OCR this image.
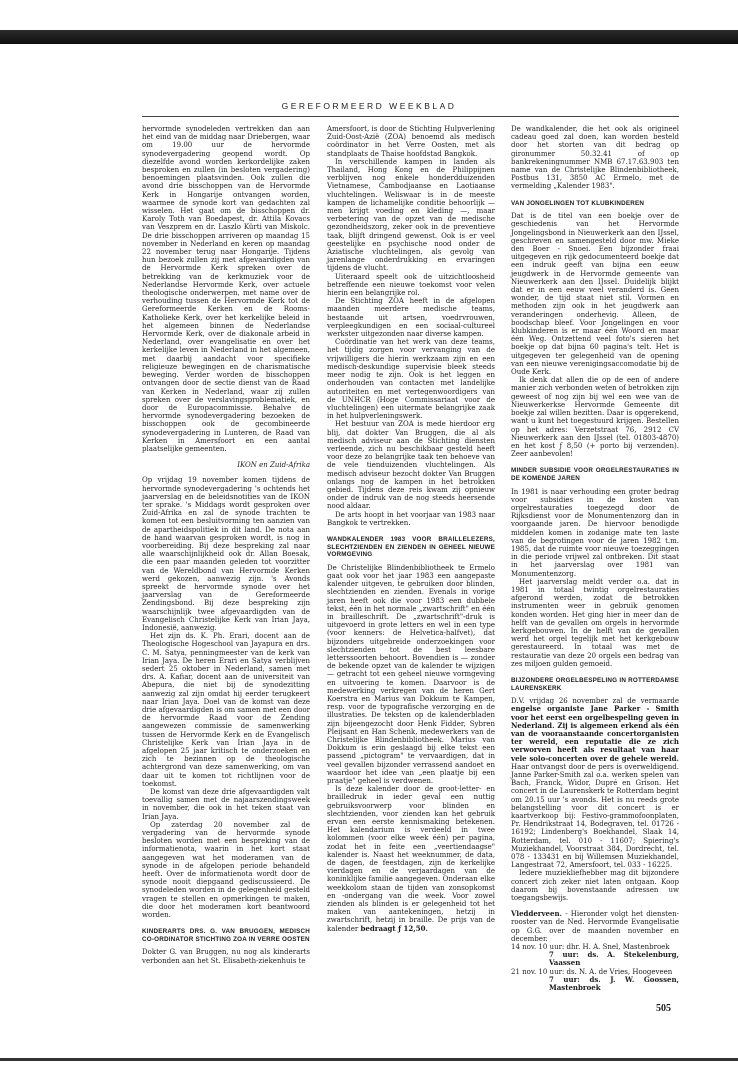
GEREFORMEERD WEEKBLAD

hervormde synodeleden vertrekken dan aan het eind van de middag naar Driebergen, waar om 19.00 uur de hervormde synodevergadering geopend wordt. Op diezelfde avond worden kerkordelijke zaken besproken en zullen (in besloten vergadering) benoemingen plaatsvinden. Ook zullen die avond drie bisschoppen van de Hervormde Kerk in Hongarije ontvangen worden, waarmee de synode kort van gedachten zal wisselen. Het gaat om de bisschoppen dr. Karoly Toth van Boedapest, dr. Attila Kovacs van Veszprem en dr. Laszlo Kürti van Miskolc. De drie bisschoppen arriveren op maandag 15 november in Nederland en keren op maandag 22 november terug naar Hongarije. Tijdens hun bezoek zullen zij met afgevaardigden van de Hervormde Kerk spreken over de betrekking van de kerkmuziek voor de Nederlandse Hervormde Kerk, over actuele theologische onderwerpen, met name over de verhouding tussen de Hervormde Kerk tot de Gereformeerde Kerken en de Rooms-Katholieke Kerk, over het kerkelijke beleid in het algemeen binnen de Nederlandse Hervormde Kerk, over de diakonale arbeid in Nederland, over evangelisatie en over het kerkelijke leven in Nederland in het algemeen, met daarbij aandacht voor specifieke religieuze bewegingen en de charismatische beweging. Verder worden de bisschoppen ontvangen door de sectie dienst van de Raad van Kerken in Nederland, waar zij zullen spreken over de verslavingsproblematiek, en door de Europacommissie. Behalve de hervormde synodevergadering bezoeken de bisschoppen ook de gecombineerde synodevergadering in Lunteren, de Raad van Kerken in Amersfoort en een aantal plaatselijke gemeenten.

IKON en Zuid-Afrika

Op vrijdag 19 november komen tijdens de hervormde synodevergadering 's ochtends het jaarverslag en de beleidsnotities van de IKON ter sprake. 's Middags wordt gesproken over Zuid-Afrika en zal de synode trachten te komen tot een besluitvorming ten aanzien van de apartheidspolitiek in dit land. De nota aan de hand waarvan gesproken wordt, is nog in voorbereiding. Bij deze bespreking zal naar alle waarschijnlijkheid ook dr. Allan Boesak, die een paar maanden geleden tot voorzitter van de Wereldbond van Hervormde Kerken werd gekozen, aanwezig zijn. 's Avonds spreekt de hervormde synode over het jaarverslag van de Gereformeerde Zendingsbond. Bij deze bespreking zijn waarschijnlijk twee afgevaardigden van de Evangelisch Christelijke Kerk van Irian Jaya, Indonesië, aanwezig.

Het zijn ds. K. Ph. Erari, docent aan de Theologische Hogeschool van Jayapura en drs. C. M. Satya, penningmeester van de kerk van Irian Jaya. De heren Erari en Satya verblijven sedert 25 oktober in Nederland, samen met drs. A. Kafiar, docent aan de universiteit van Abepura, die niet bij de synodezitting aanwezig zal zijn omdat hij eerder terugkeert naar Irian Jaya. Doel van de komst van deze drie afgevaardigden is om samen met een door de hervormde Raad voor de Zending aangewezen commissie de samenwerking tussen de Hervormde Kerk en de Evangelisch Christelijke Kerk van Irian Jaya in de afgelopen 25 jaar kritisch te onderzoeken en zich te bezinnen op de theologische achtergrond van deze samenwerking, om van daar uit te komen tot richtlijnen voor de toekomst.

De komst van deze drie afgevaardigden valt toevallig samen met de najaarszendingsweek in november, die ook in het teken staat van Irian Jaya.

Op zaterdag 20 november zal de vergadering van de hervormde synode besloten worden met een bespreking van de informatienota, waarin in het kort staat aangegeven wat het moderamen van de synode in de afgelopen periode behandeld heeft. Over de informatienota wordt door de synode nooit diepgaand gediscussieerd. De synodeleden worden in de gelegenheid gesteld vragen te stellen en opmerkingen te maken, die door het moderamen kort beantwoord worden.

KINDERARTS DRS. G. VAN BRUGGEN, MEDISCH CO-ORDINATOR STICHTING ZOA IN VERRE OOSTEN

Dokter G. van Bruggen, nu nog als kinderarts verbonden aan het St. Elisabeth-ziekenhuis te

Amersfoort, is door de Stichting Hulpverlening Zuid-Oost-Azië (ZOA) benoemd als medisch coördinator in het Verre Oosten, met als standplaats de Thaise hoofdstad Bangkok.

In verschillende kampen in landen als Thailand, Hong Kong en de Philippijnen verblijven nog enkele honderdduizenden Vietnamese, Cambodjaanse en Laotiaanse vluchtelingen. Weliswaar is in de meeste kampen de lichamelijke conditie behoorlijk — men krijgt voeding en kleding —, maar verbetering van de opzet van de medische gezondheidszorg, zeker ook in de preventieve taak, blijft dringend gewenst. Ook is er veel geestelijke en psychische nood onder de Aziatische vluchtelingen, als gevolg van jarenlange onderdrukking en ervaringen tijdens de vlucht.

Uiteraard speelt ook de uitzichtloosheid betreffende een nieuwe toekomst voor velen hierin een belangrijke rol.

De Stichting ZOA heeft in de afgelopen maanden meerdere medische teams, bestaande uit artsen, voedrvrouwen, verpleegkundigen en een sociaal-cultureel werkster uitgezonden naar diverse kampen.

Coördinatie van het werk van deze teams, het tijdig zorgen voor vervanging van de vrijwilligers die hierin werkzaam zijn en een medisch-deskundige supervisie bleek steeds meer nodig te zijn. Ook is het leggen en onderhouden van contacten met landelijke autoriteiten en met vertegenwoordigers van de UNHCR (Hoge Commissariaat voor de vluchtelingen) een uitermate belangrijke zaak in het hulpverleningswerk.

Het bestuur van ZOA is mede hierdoor erg blij, dat dokter Van Bruggen, die al als medisch adviseur aan de Stichting diensten verleende, zich nu beschikbaar gesteld heeft voor deze zo belangrijke taak ten behoeve van de vele tienduizenden vluchtelingen. Als medisch adviseur bezocht dokter Van Bruggen onlangs nog de kampen in het betrokken gebied. Tijdens deze reis kwam zij opnieuw onder de indruk van de nog steeds heersende nood aldaar.

De arts hoopt in het voorjaar van 1983 naar Bangkok te vertrekken.

WANDKALENDER 1983 VOOR BRAILLELEZERS, SLECHTZIENDEN EN ZIENDEN IN GEHEEL NIEUWE VORMGEVING

De Christelijke Blindenbibliotheek te Ermelo gaat ook voor het jaar 1983 een aangepaste kalender uitgeven, te gebruiken door blinden, slechtzienden en zienden. Evenals in vorige jaren heeft ook die voor 1983 een dubbele tekst, één in het normale „zwartschrift" en één in brailleschrift. De „zwartschrift"-druk is uitgevoerd in grote letters en wel in een type (voor kenners: de Helvetica-halfvet), dat bijzonders uitgebreide onderzoekingen voor slechtzienden tot de best leesbare letterssoorten behoort. Bovendien is — zonder de bekende opzet van de kalender te wijzigen — getracht tot een geheel nieuwe vormgeving en uitvoering te komen. Daarvoor is de medewerking verkregen van de heren Gert Koerstra en Marius van Dokkum te Kampen, resp. voor de typografische verzorging en de illustraties. De teksten op de kalenderbladen zijn bijeengezocht door Henk Fidder, Sybren Pleijsant en Han Schenk, medewerkers van de Christelijke Blindenbibliotheek. Marius van Dokkum is erin geslaagd bij elke tekst een passend „pictogram" te vervaardigen, dat in veel gevallen bijzonder verrassend aandoet en waardoor het idee van „een plaatje bij een praatje" geheel is verdwenen.

Is deze kalender door de groot-letter- en brailledruk in ieder geval een nuttig gebruiksvoorwerp voor blinden en slechtzienden, voor zienden kan het gebruik ervan een eerste kennismaking betekenen. Het kalendarium is verdeeld in twee kolommen (voor elke week één) per pagina, zodat het in feite een „veertiendaagse" kalender is. Naast het weeknummer, de data, de dagen, de feestdagen, zijn de kerkelijke vierdagen en de verjaardagen van de koninklijke familie aangegeven. Onderaan elke weekkolom staan de tijden van zonsopkomst en -ondergang van die week. Voor zowel zienden als blinden is er gelegenheid tot het maken van aantekeningen, hetzij in zwartschrift, hetzij in braille. De prijs van de kalender bedraagt ƒ 12,50.

De wandkalender, die het ook als origineel cadeau goed zal doen, kan worden besteld door het storten van dit bedrag op gironummer 50.32.41 of op bankrekeningnummer NMB 67.17.63.903 ten name van de Christelijke Blindenbibliotheek, Postbus 131, 3850 AC Ermelo, met de vermelding „Kalender 1983".

VAN JONGELINGEN TOT KLUBKINDEREN

Dat is de titel van een boekje over de geschiedenis van het Hervormde Jongelingsbond in Nieuwerkerk aan den IJssel, geschreven en samengesteld door mw. Mieke den Boer - Snoei. Een bijzonder fraai uitgegeven en rijk gedocumenteerd boekje dat een indruk geeft van bijna een eeuw jeugdwerk in de Hervormde gemeente van Nieuwerkerk aan den IJssel. Duidelijk blijkt dat er in een eeuw veel veranderd is. Geen wonder, de tijd staat niet stil. Vormen en methoden zijn ook in het jeugdwerk aan veranderingen onderhevig. Alleen, de boodschap bleef. Voor Jongelingen en voor klubkinderen is er maar één Woord en maar één Weg. Ontzettend veel foto's sieren het boekje op dat bijna 60 pagina's telt. Het is uitgegeven ter gelegenheid van de opening van een nieuwe verenigingsaccomodatie bij de Oude Kerk.

Ik denk dat allen die op de een of andere manier zich verbonden weten of betrokken zijn geweest of nog zijn bij wel een wee van de Nieuwerkerkse Hervormde Gemeente dit boekje zal willen bezitten. Daar is opgerekend, want u kunt het toegestuurd krijgen. Bestellen op het adres: Verzetstraat 76, 2912 CV Nieuwerkerk aan den IJssel (tel. 01803-4870) en het kost ƒ 8,50 (+ porto bij verzenden). Zeer aanbevolen!

MINDER SUBSIDIE VOOR ORGELRESTAURATIES IN DE KOMENDE JAREN

In 1981 is naar verhouding een groter bedrag voor subsidies in de kosten van orgelrestauraties toegezegd door de Rijksdienst voor de Monumentenzorg dan in voorgaande jaren. De hiervoor benodigde middelen komen in zodanige mate ten laste van de begrotingen voor de jaren 1982 t.m. 1985, dat de ruimte voor nieuwe toezeggingen in die periode vrijwel zal ontbreken. Dit staat in het jaarverslag over 1981 van Monumentenzorg.

Het jaarverslag meldt verder o.a. dat in 1981 in totaal twintig orgelrestauraties afgerond werden, zodat de betrokken instrumenten weer in gebruik genomen konden worden. Het ging hier in meer dan de helft van de gevallen om orgels in hervormde kerkgebouwen. In de helft van de gevallen werd het orgel tegelijk met het kerkgebouw gerestaureerd. In totaal was met de restauratie van deze 20 orgels een bedrag van zes miljoen gulden gemoeid.

BIJZONDERE ORGELBESPELING IN ROTTERDAMSE LAURENSKERK

D.V. vrijdag 26 november zal de vermaarde engelse organiste Jane Parker - Smith voor het eerst een orgelbespeling geven in Nederland. Zij is algemeen erkend als één van de vooraanstaande concertorganisten ter wereld, een reputatie die ze zich verworven heeft als resultaat van haar vele solo-concerten over de gehele wereld. Haar ontvangst door de pers is overweldigend. Janne Parker-Smith zal o.a. werken spelen van Bach, Franck, Widor, Dupré en Grison. Het concert in de Laurenskerk te Rotterdam begint om 20.15 uur 's avonds. Het is nu reeds grote belangstelling voor dit concert is er kaartverkoop bij: Festivo-grammofoonplaten, Pr. Hendrikstraat 14, Bodegraven, tel. 01726 - 16192; Lindenberg's Boekhandel, Slaak 14, Rotterdam, tel. 010 - 11607; Spiering's Muziekhandel, Voorstraat 384, Dordrecht, tel. 078 - 133431 en bij Willemsen Muziekhandel, Langestraat 72, Amersfoort, tel. 033 - 16225.

Iedere muziekliefhebber mag dit bijzondere concert zich zeker niet laten ontgaan. Koop daarom bij bovenstaande adressen uw toegangsbewijs.

Vledderveen. - Hieronder volgt het diensten-rooster van de Ned. Hervormde Evangelisatie op G.G. over de maanden november en december.

14 nov. 10 uur: dhr. H. A. Snel, Mastenbroek

7 uur: ds. A. Stekelenburg, Vaassen

21 nov. 10 uur: ds. N. A. de Vries, Hoogeveen

7 uur: ds. J. W. Goossen, Mastenbroek

505
